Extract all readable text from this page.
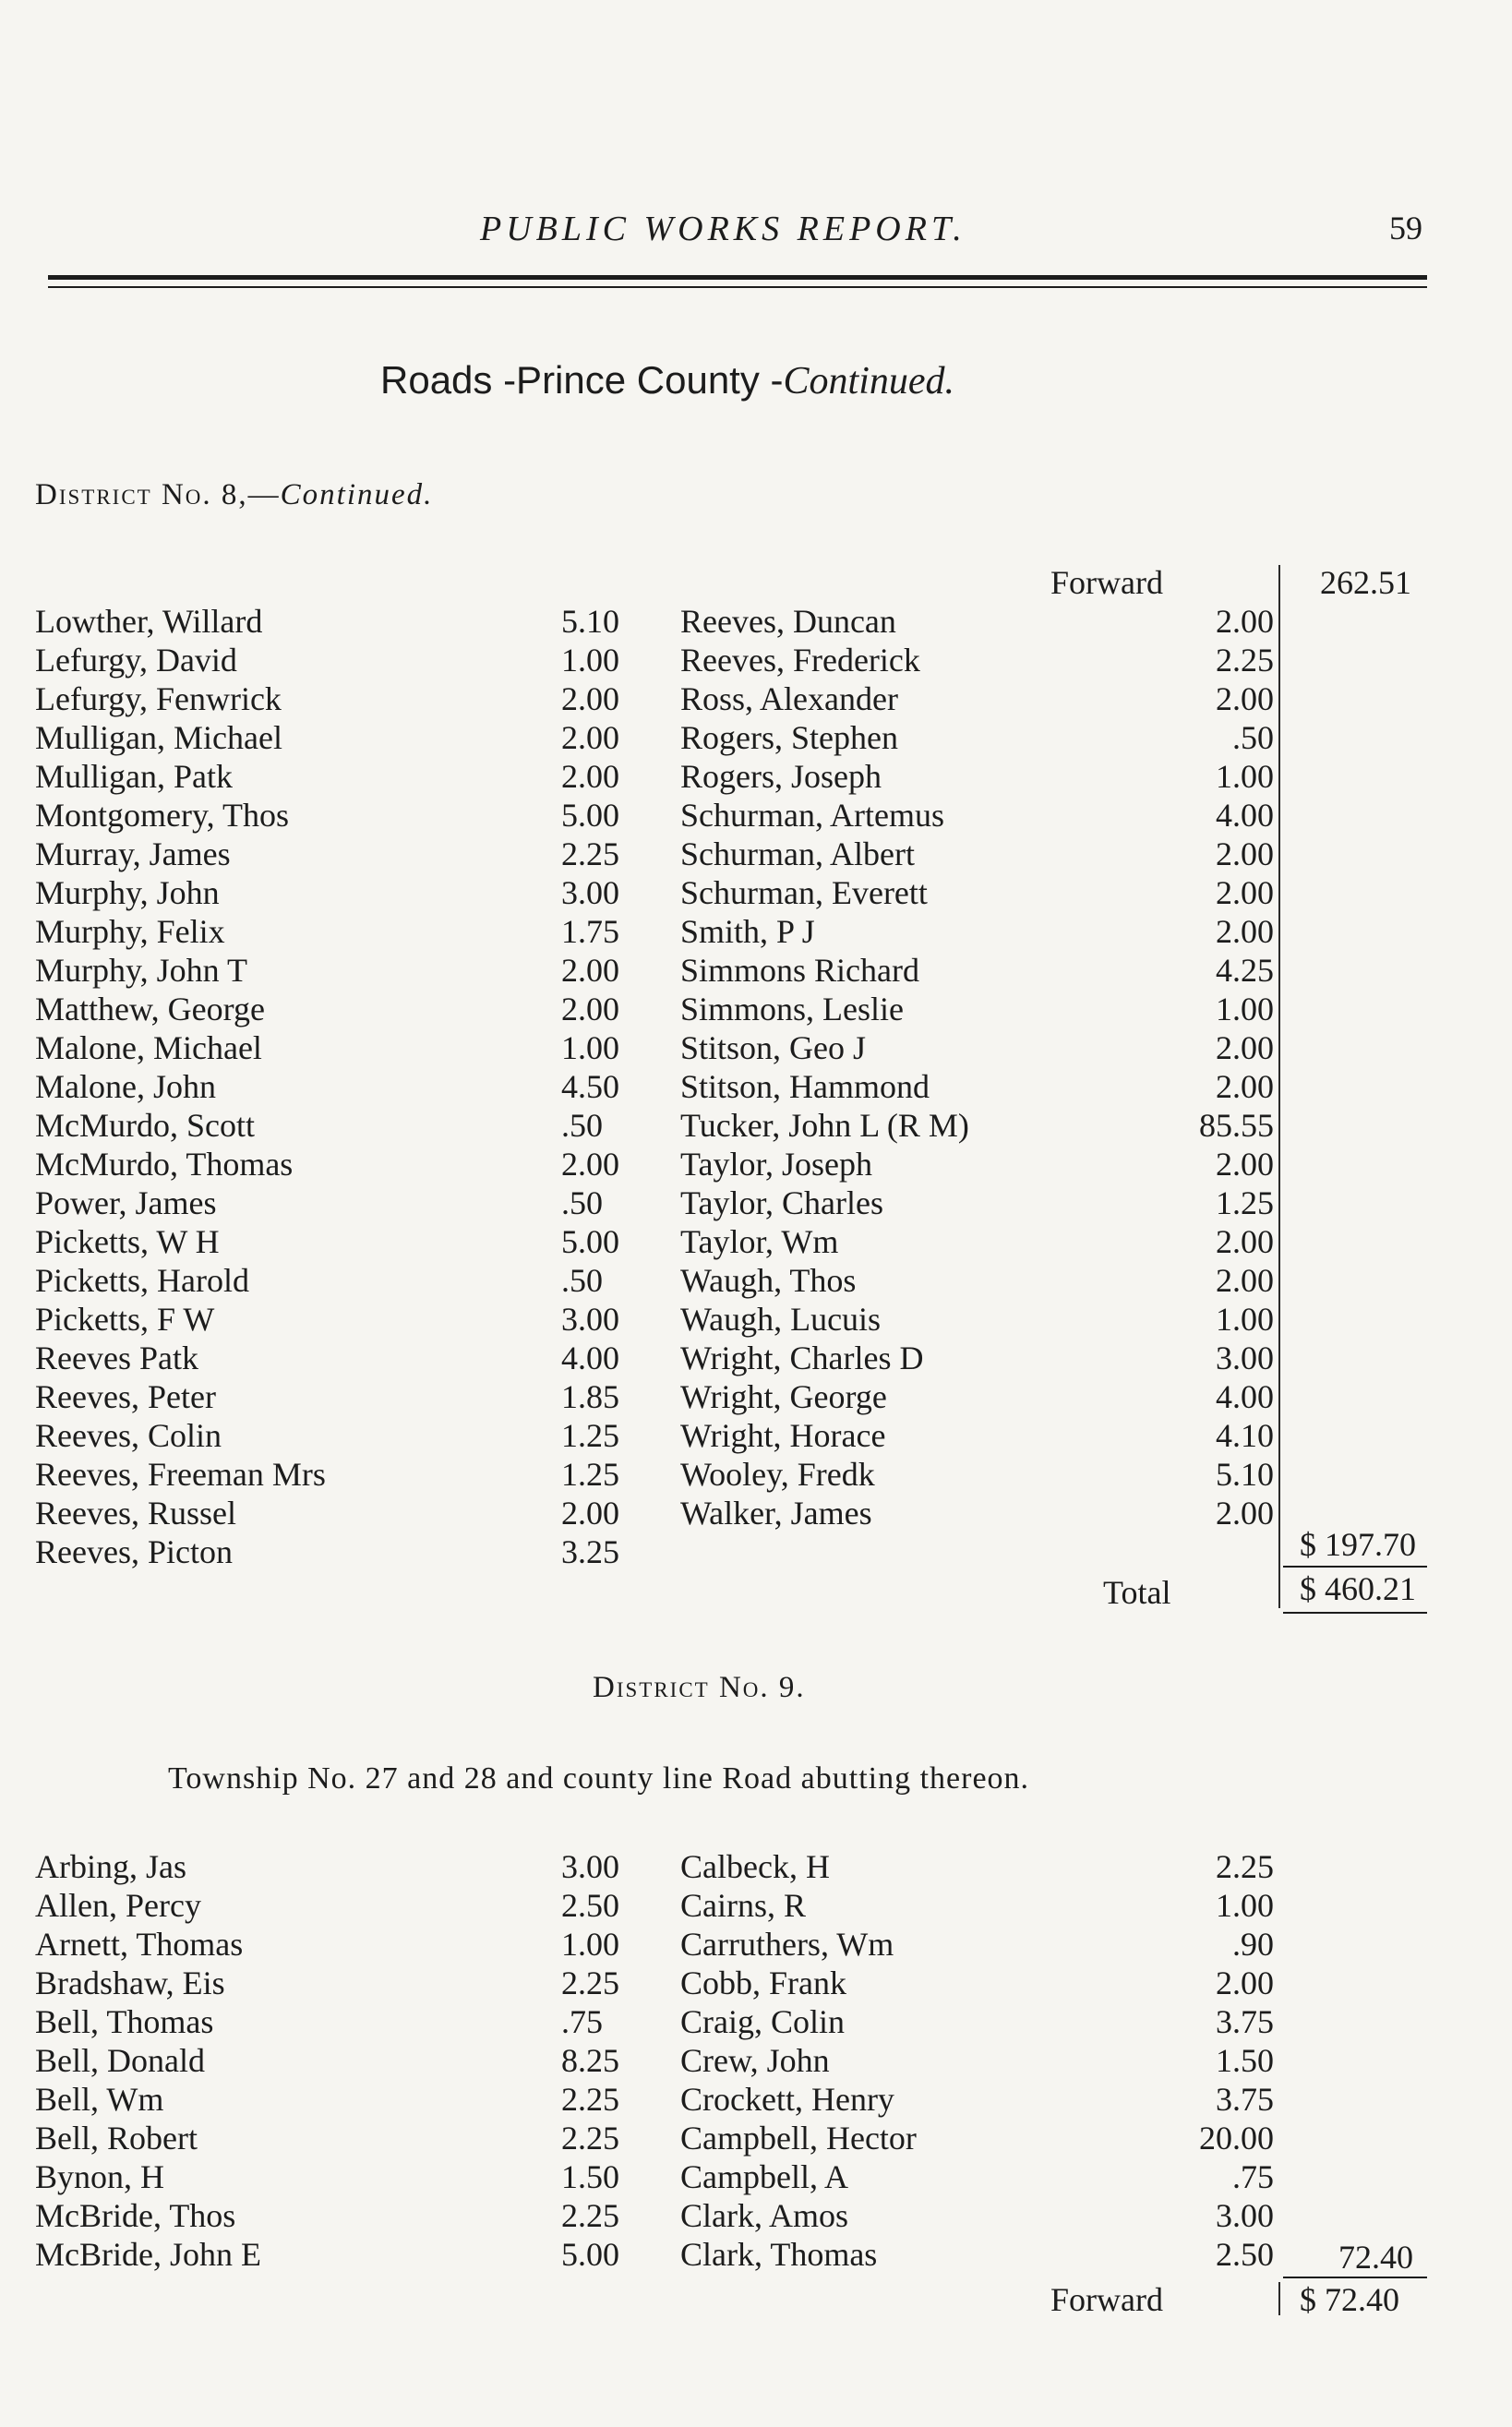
PUBLIC WORKS REPORT.	59
Roads -Prince County -Continued.
District No. 8,—Continued.
Forward	262.51
Lowther, Willard	5.10 Reeves, Duncan	2.00
Lefurgy, David	1.00 Reeves, Frederick	2.25
Lefurgy, Fenwrick	2.00 Ross, Alexander	2.00
Mulligan, Michael	2.00 Rogers, Stephen	.50
Mulligan, Patk	2.00 Rogers, Joseph	1.00
Montgomery, Thos	5.00 Schurman, Artemus	4.00
Murray, James	2.25 Schurman, Albert	2.00
Murphy, John	3.00 Schurman, Everett	2.00
Murphy, Felix	1.75 Smith, P J	2.00
Murphy, John T	2.00 Simmons Richard	4.25
Matthew, George	2.00 Simmons, Leslie	1.00
Malone, Michael	1.00 Stitson, Geo J	2.00
Malone, John	4.50 Stitson, Hammond	2.00
McMurdo, Scott	.50 Tucker, John L (R M)	85.55
McMurdo, Thomas	2.00 Taylor, Joseph	2.00
Power, James	.50 Taylor, Charles	1.25
Picketts, W H	5.00 Taylor, Wm	2.00
Picketts, Harold	.50 Waugh, Thos	2.00
Picketts, F W	3.00 Waugh, Lucuis	1.00
Reeves Patk	4.00 Wright, Charles D	3.00
Reeves, Peter	1.85 Wright, George	4.00
Reeves, Colin	1.25 Wright, Horace	4.10
Reeves, Freeman Mrs	1.25 Wooley, Fredk	5.10
Reeves, Russel	2.00 Walker, James	2.00
Reeves, Picton	3.25	$ 197.70
Total	$ 460.21
District No. 9.
Township No. 27 and 28 and county line Road abutting thereon.
Arbing, Jas	3.00 Calbeck, H	2.25
Allen, Percy	2.50 Cairns, R	1.00
Arnett, Thomas	1.00 Carruthers, Wm	.90
Bradshaw, Eis	2.25 Cobb, Frank	2.00
Bell, Thomas	.75 Craig, Colin	3.75
Bell, Donald	8.25 Crew, John	1.50
Bell, Wm	2.25 Crockett, Henry	3.75
Bell, Robert	2.25 Campbell, Hector	20.00
Bynon, H	1.50 Campbell, A	.75
McBride, Thos	2.25 Clark, Amos	3.00
McBride, John E	5.00 Clark, Thomas	2.50 72.40
Forward	$ 72.40
